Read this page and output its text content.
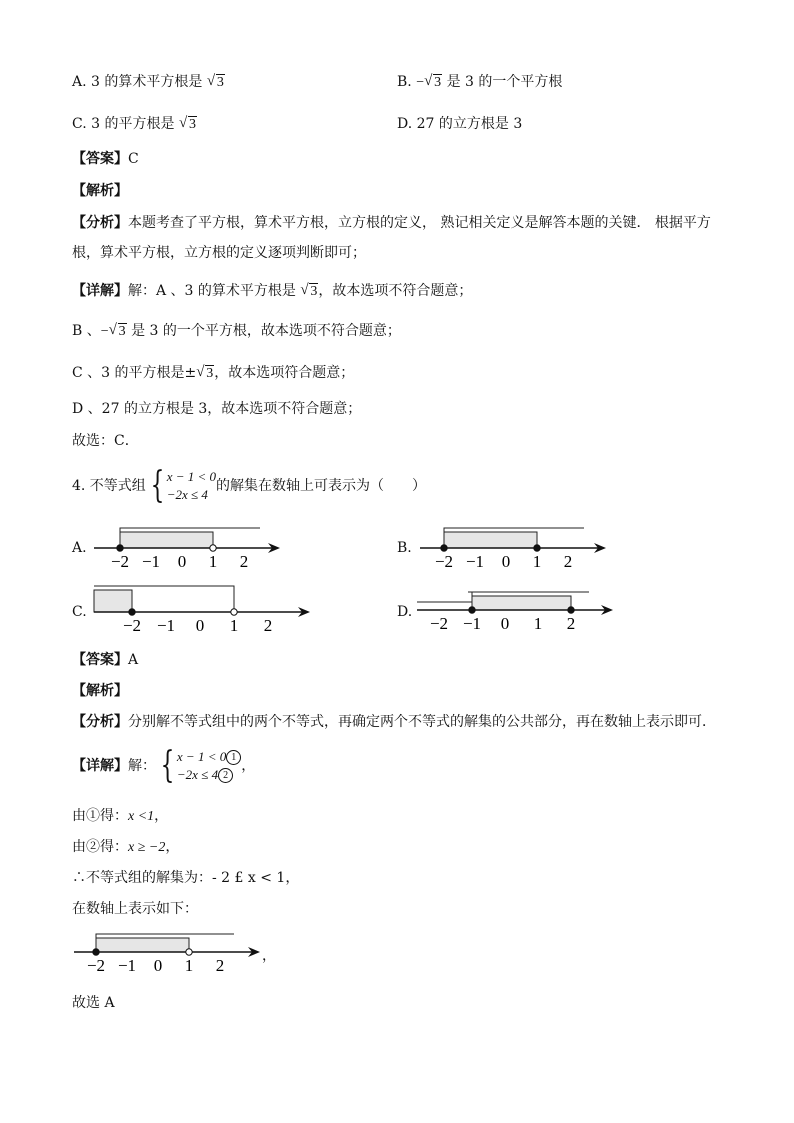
A. 3 的算术平方根是 √ 3	B. − √ 3 是 3 的一个平方根
C. 3 的平方根是 √ 3	D. 27 的立方根是 3
【答案】C
【解析】
【分析】本题考查了平方根，算术平方根，立方根的定义， 熟记相关定义是解答本题的关键． 根据平方
根，算术平方根，立方根的定义逐项判断即可；
【详解】解：A 、3 的算术平方根是 √ 3，故本选项不符合题意；
B 、− √ 3 是 3 的一个平方根，故本选项不符合题意；
C 、3 的平方根是± √ 3，故本选项符合题意；
D 、27 的立方根是 3，故本选项不符合题意；
故选：C．
4. 不等式组 { x − 1 < 0
−2x ≤ 4
的解集在数轴上可表示为（　　）
A.
−2 −1 0 1 2
B.
−2 −1 0 1 2
C.
−2 −1 0 1 2
D.
−2 −1 0 1 2
【答案】A
【解析】
【分析】分别解不等式组中的两个不等式，再确定两个不等式的解集的公共部分，再在数轴上表示即可．
【详解】解： { x − 1 < 0 1
−2x ≤ 4 2
，
由①得：x <1，
由②得：x ≥ −2，
∴不等式组的解集为：- 2 £ x < 1，
在数轴上表示如下：
−2 −1 0 1 2	，
故选 A
